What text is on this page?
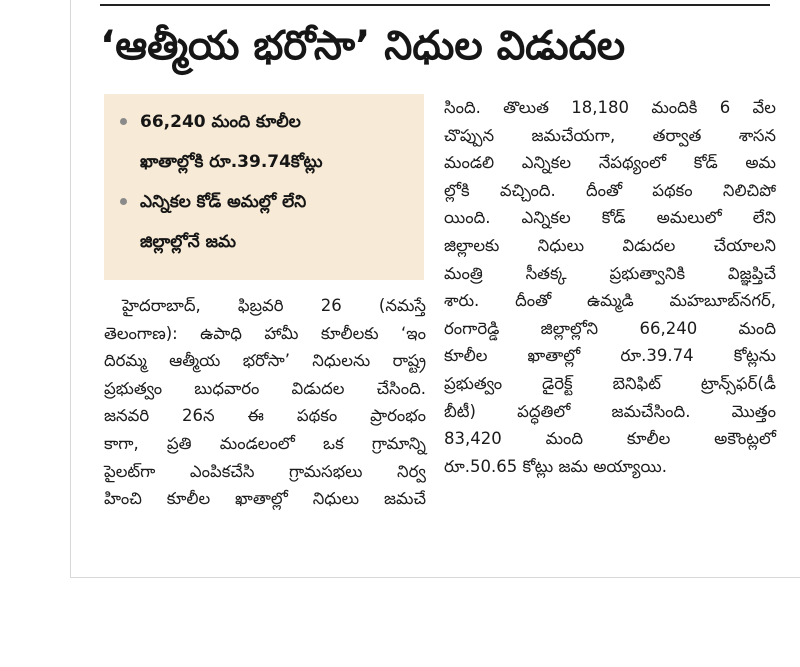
‘ఆత్మీయ భరోసా’ నిధుల విడుదల
66,240 మంది కూలీల
ఖాతాల్లోకి రూ.39.74కోట్లు
ఎన్నికల కోడ్ అమల్లో లేని
జిల్లాల్లోనే జమ
హైదరాబాద్, ఫిబ్రవరి 26 (నమస్తే
తెలంగాణ): ఉపాధి హామీ కూలీలకు ‘ఇం
దిరమ్మ ఆత్మీయ భరోసా’ నిధులను రాష్ట్ర
ప్రభుత్వం బుధవారం విడుదల చేసింది.
జనవరి 26న ఈ పథకం ప్రారంభం
కాగా, ప్రతి మండలంలో ఒక గ్రామాన్ని
పైలట్‌గా ఎంపికచేసి గ్రామసభలు నిర్వ
హించి కూలీల ఖాతాల్లో నిధులు జమచే
సింది. తొలుత 18,180 మందికి 6 వేల
చొప్పున జమచేయగా, తర్వాత శాసన
మండలి ఎన్నికల నేపథ్యంలో కోడ్ అమ
ల్లోకి వచ్చింది. దీంతో పథకం నిలిచిపో
యింది. ఎన్నికల కోడ్ అమలులో లేని
జిల్లాలకు నిధులు విడుదల చేయాలని
మంత్రి సీతక్క ప్రభుత్వానికి విజ్ఞప్తిచే
శారు. దీంతో ఉమ్మడి మహబూబ్‌నగర్,
రంగారెడ్డి జిల్లాల్లోని 66,240 మంది
కూలీల ఖాతాల్లో రూ.39.74 కోట్లను
ప్రభుత్వం డైరెక్ట్ బెనిఫిట్ ట్రాన్స్‌ఫర్(డీ
బీటీ) పద్ధతిలో జమచేసింది. మొత్తం
83,420 మంది కూలీల అకౌంట్లలో
రూ.50.65 కోట్లు జమ అయ్యాయి.
